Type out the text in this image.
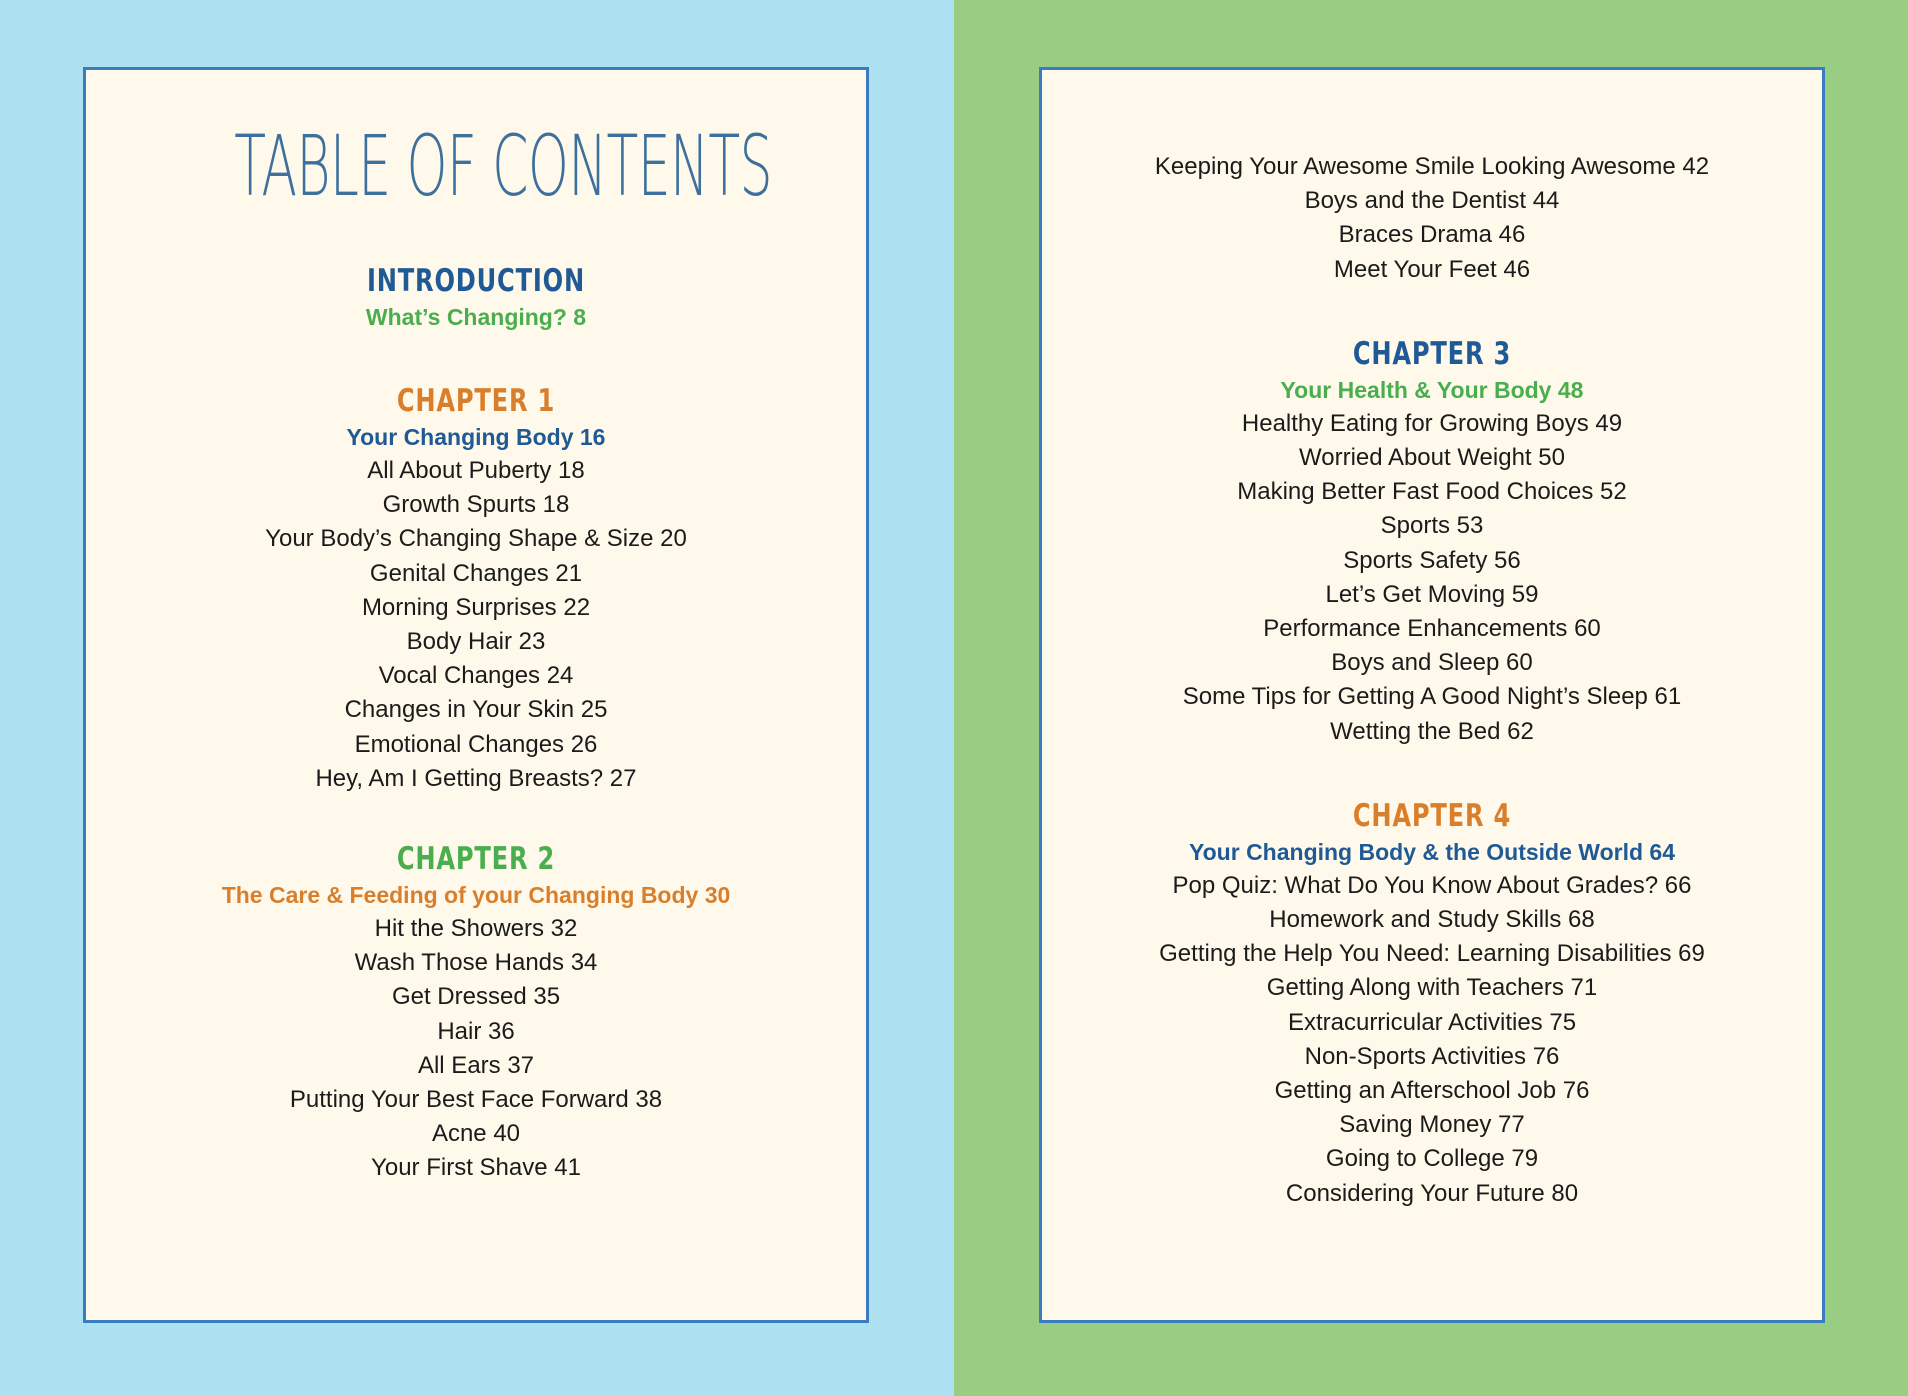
TABLE OF CONTENTS
INTRODUCTION
What’s Changing? 8
CHAPTER 1
Your Changing Body 16
All About Puberty 18
Growth Spurts 18
Your Body’s Changing Shape & Size 20
Genital Changes 21
Morning Surprises 22
Body Hair 23
Vocal Changes 24
Changes in Your Skin 25
Emotional Changes 26
Hey, Am I Getting Breasts? 27
CHAPTER 2
The Care & Feeding of your Changing Body 30
Hit the Showers 32
Wash Those Hands 34
Get Dressed 35
Hair 36
All Ears 37
Putting Your Best Face Forward 38
Acne 40
Your First Shave 41
Keeping Your Awesome Smile Looking Awesome 42
Boys and the Dentist 44
Braces Drama 46
Meet Your Feet 46
CHAPTER 3
Your Health & Your Body 48
Healthy Eating for Growing Boys 49
Worried About Weight 50
Making Better Fast Food Choices 52
Sports 53
Sports Safety 56
Let’s Get Moving 59
Performance Enhancements 60
Boys and Sleep 60
Some Tips for Getting A Good Night’s Sleep 61
Wetting the Bed 62
CHAPTER 4
Your Changing Body & the Outside World 64
Pop Quiz: What Do You Know About Grades? 66
Homework and Study Skills 68
Getting the Help You Need: Learning Disabilities 69
Getting Along with Teachers 71
Extracurricular Activities 75
Non-Sports Activities 76
Getting an Afterschool Job 76
Saving Money 77
Going to College 79
Considering Your Future 80
